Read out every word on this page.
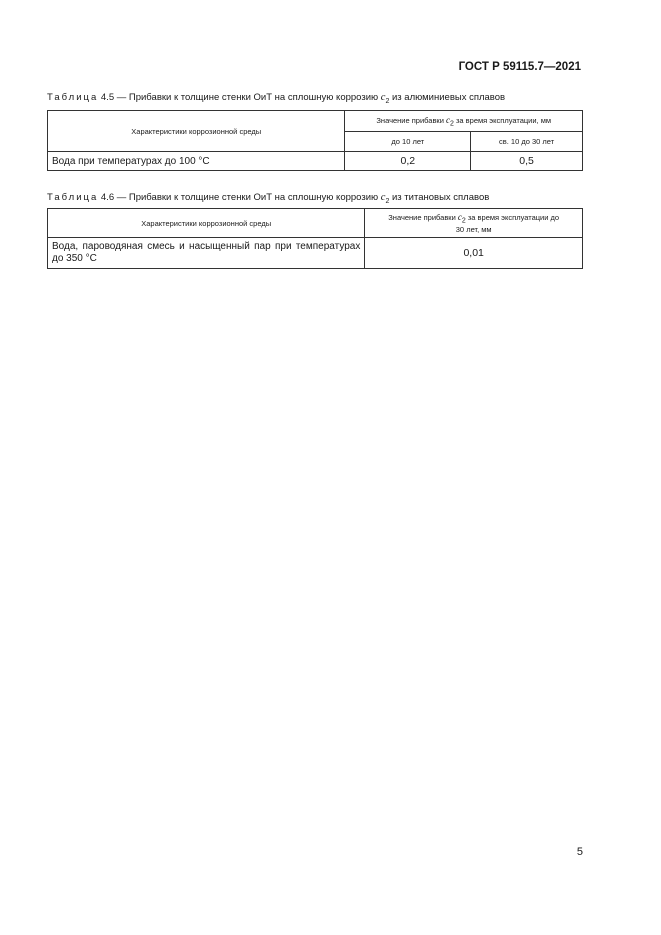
ГОСТ Р 59115.7—2021
Таблица 4.5 — Прибавки к толщине стенки ОиТ на сплошную коррозию $c_2$ из алюминиевых сплавов
Характеристики коррозионной среды	Значение прибавки $c_2$ за время эксплуатации, мм	
	до 10 лет	св. 10 до 30 лет
Вода при температурах до 100 °С	0,2	0,5
Таблица 4.6 — Прибавки к толщине стенки ОиТ на сплошную коррозию $c_2$ из титановых сплавов
Характеристики коррозионной среды	Значение прибавки $c_2$ за время эксплуатации до 30 лет, мм
Вода, пароводяная смесь и насыщенный пар при температурах до 350 °С	0,01
5
